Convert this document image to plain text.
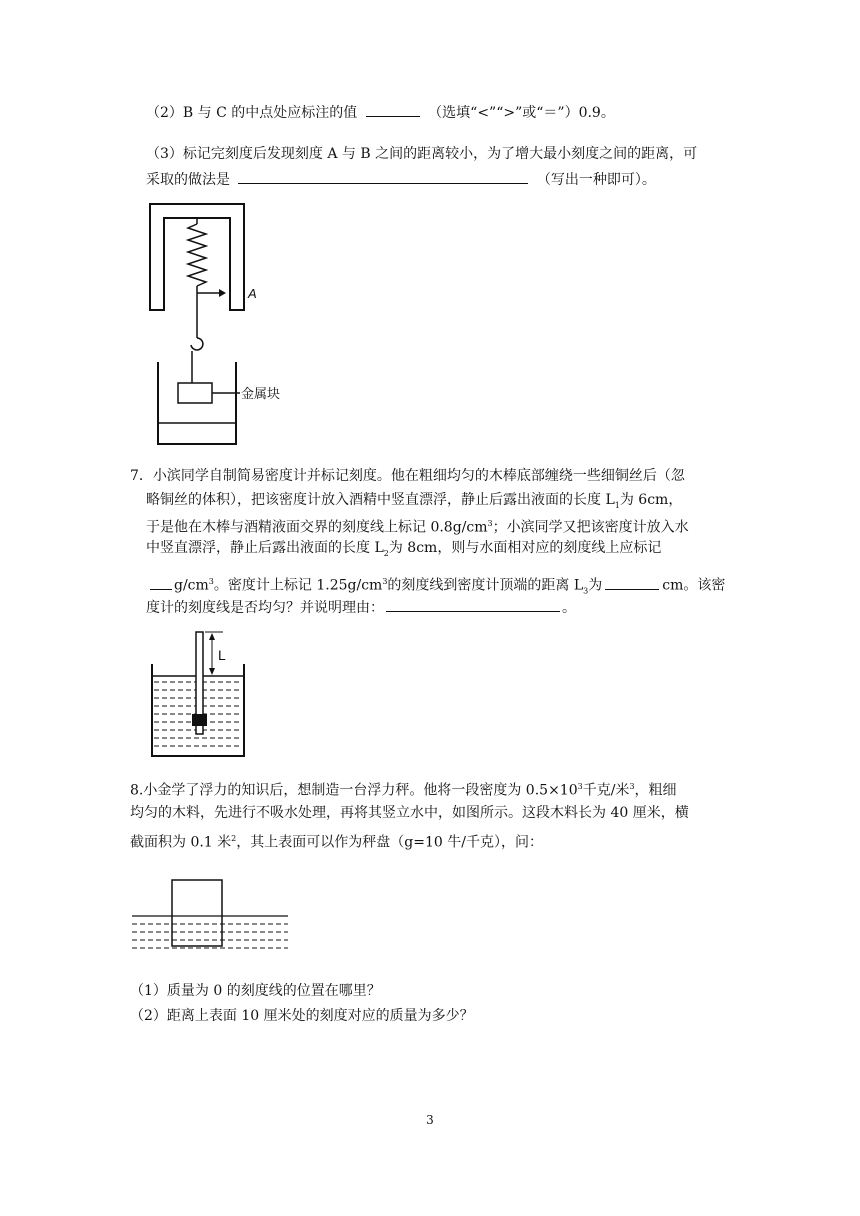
（2）B 与 C 的中点处应标注的值	（选填“<”“>”或“＝”）0.9。
（3）标记完刻度后发现刻度 A 与 B 之间的距离较小，为了增大最小刻度之间的距离，可
采取的做法是	（写出一种即可）。
A
金属块
7．小滨同学自制简易密度计并标记刻度。他在粗细均匀的木棒底部缠绕一些细铜丝后（忽
略铜丝的体积），把该密度计放入酒精中竖直漂浮，静止后露出液面的长度 $L_1$为 6cm，
于是他在木棒与酒精液面交界的刻度线上标记 $0.8g/cm^3$；小滨同学又把该密度计放入水
中竖直漂浮，静止后露出液面的长度 $L_2$为 8cm，则与水面相对应的刻度线上应标记
$g/cm^3$。密度计上标记 $1.25g/cm^3$的刻度线到密度计顶端的距离 $L_3$为	cm。该密
度计的刻度线是否均匀？并说明理由：	。
L
8.小金学了浮力的知识后，想制造一台浮力秤。他将一段密度为 $0.5\times 10^3$千克/米$^3$，粗细
均匀的木料，先进行不吸水处理，再将其竖立水中，如图所示。这段木料长为 40 厘米，横
截面积为 0.1 米$^2$，其上表面可以作为秤盘（g=10 牛/千克），问：
（1）质量为 0 的刻度线的位置在哪里？
（2）距离上表面 10 厘米处的刻度对应的质量为多少？
3
